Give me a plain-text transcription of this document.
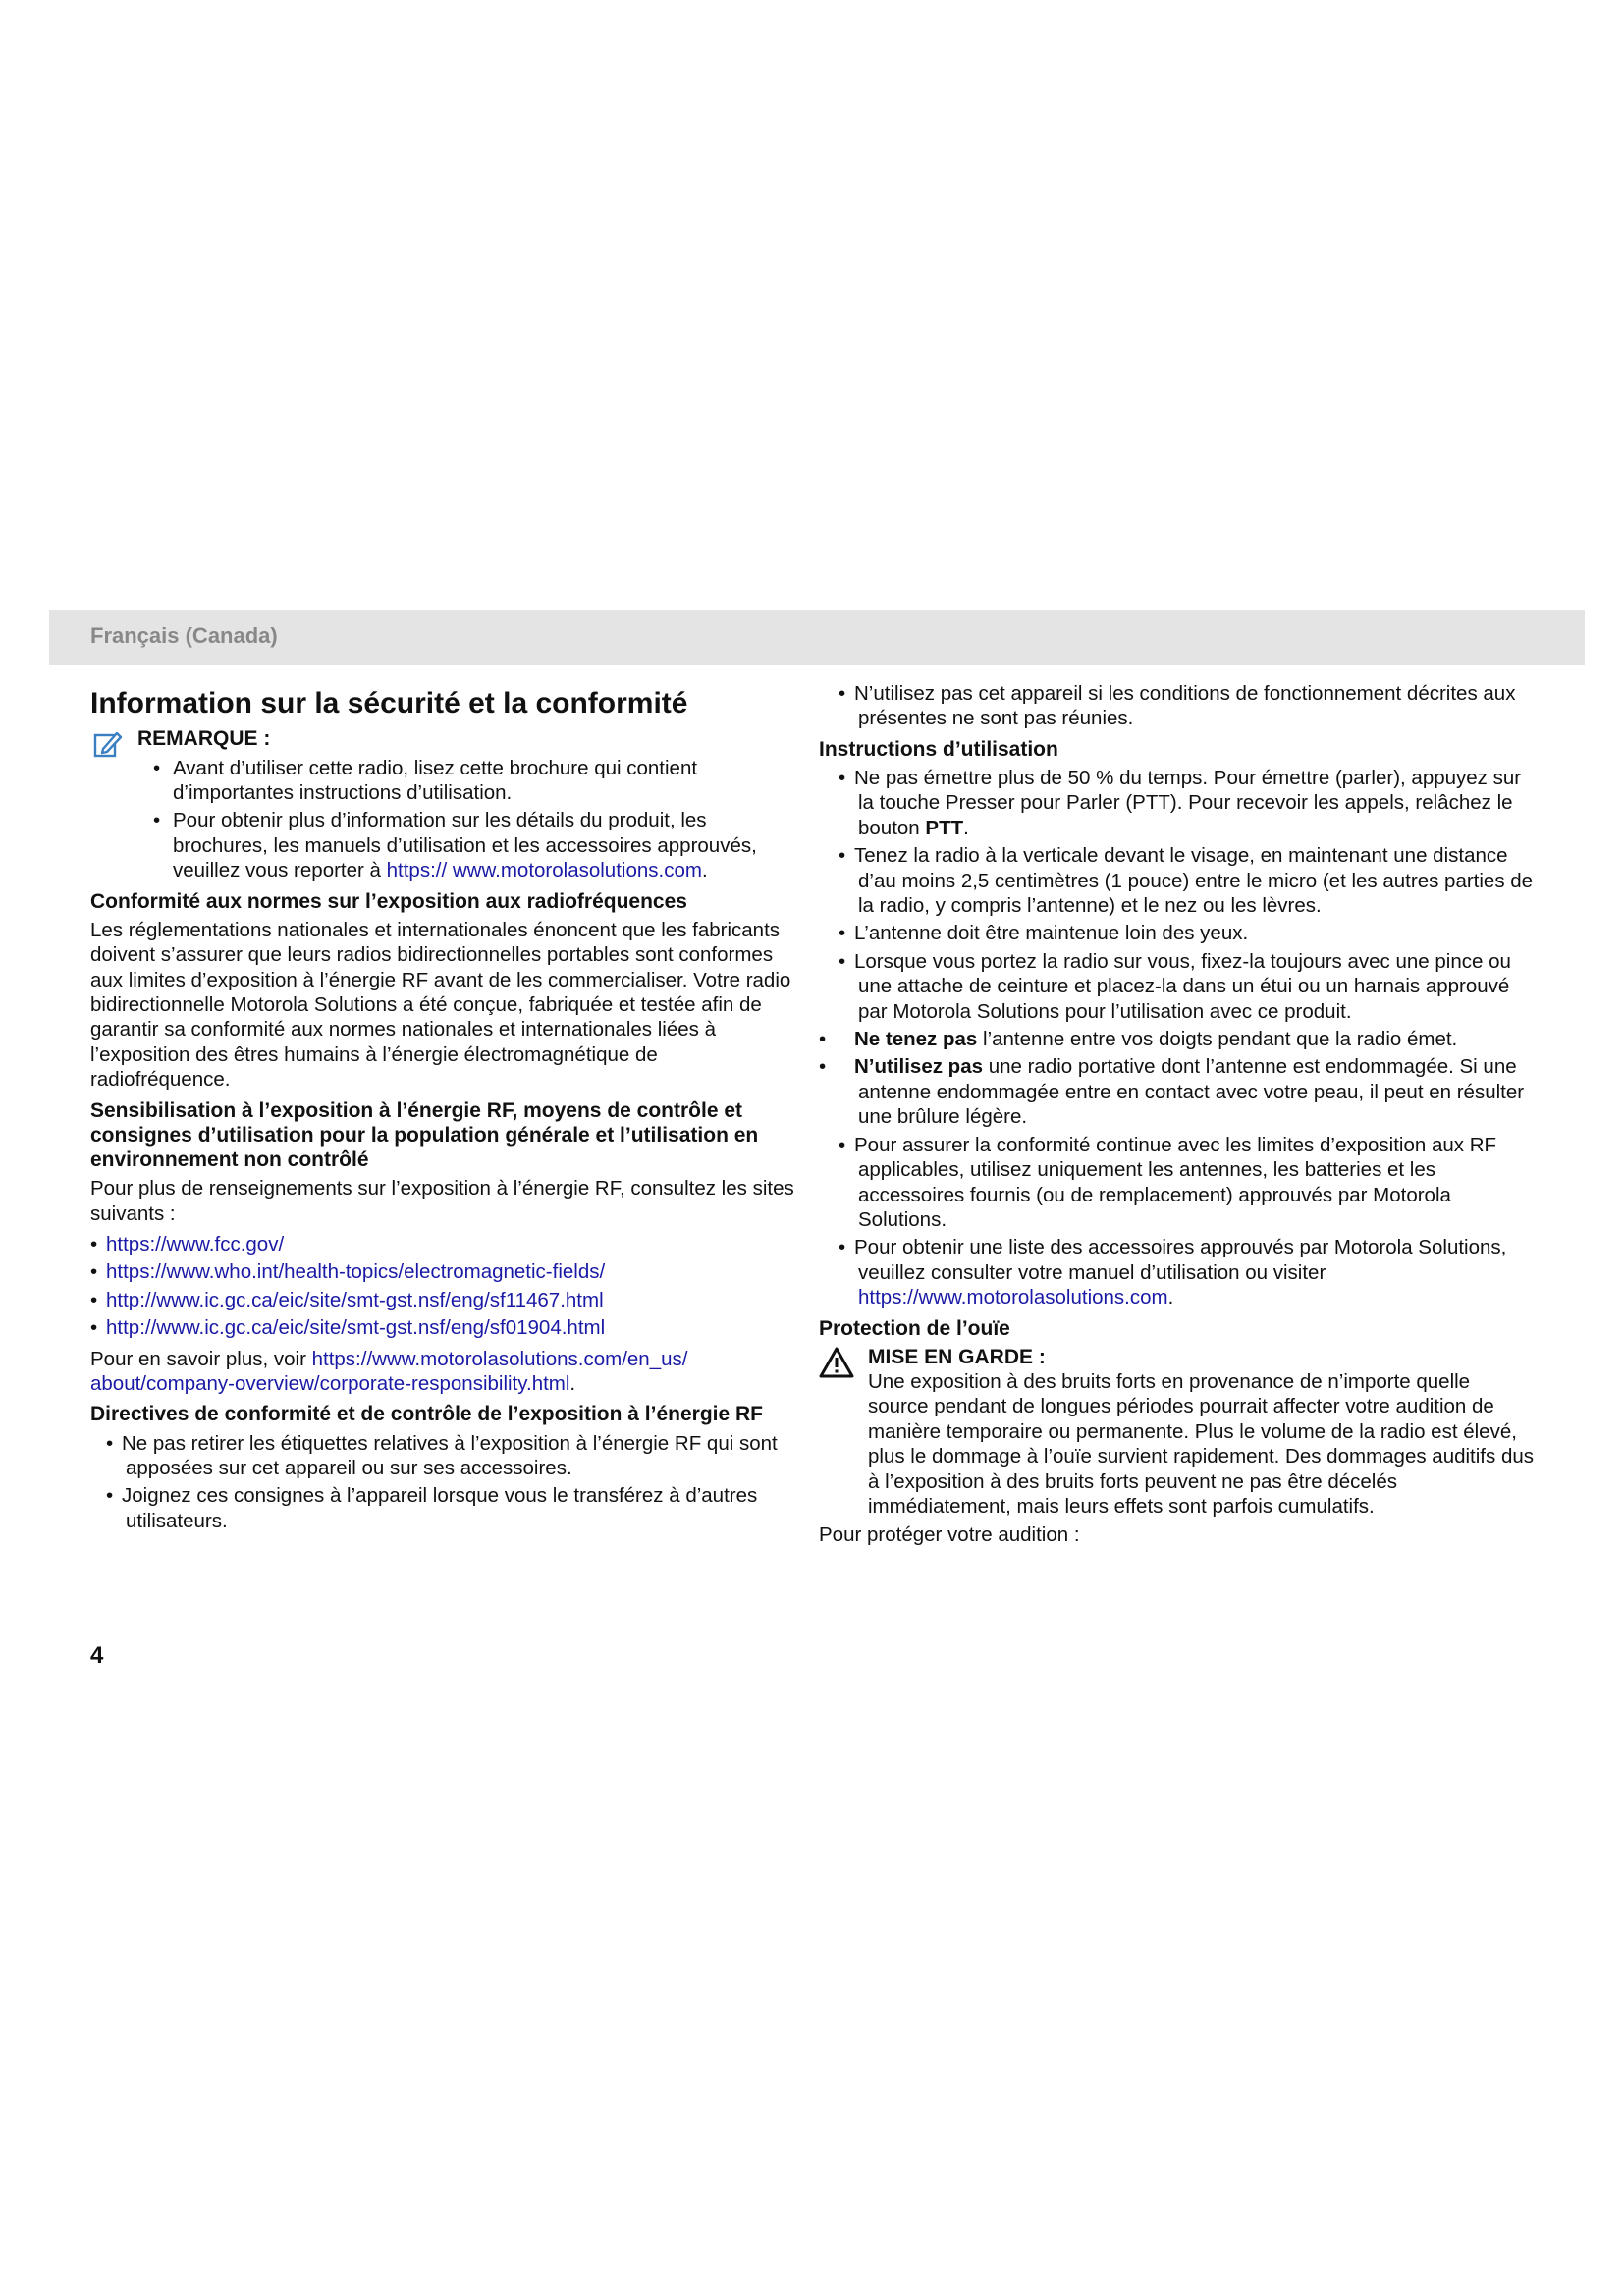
Français (Canada)
Information sur la sécurité et la conformité

REMARQUE :

• Avant d’utiliser cette radio, lisez cette brochure qui contient d’importantes instructions d’utilisation.
• Pour obtenir plus d’information sur les détails du produit, les brochures, les manuels d’utilisation et les accessoires approuvés, veuillez vous reporter à https:// www.motorolasolutions.com.
Conformité aux normes sur l’exposition aux radiofréquences

Les réglementations nationales et internationales énoncent que les fabricants doivent s’assurer que leurs radios bidirectionnelles portables sont conformes aux limites d’exposition à l’énergie RF avant de les commercialiser. Votre radio bidirectionnelle Motorola Solutions a été conçue, fabriquée et testée afin de garantir sa conformité aux normes nationales et internationales liées à l’exposition des êtres humains à l’énergie électromagnétique de radiofréquence.

Sensibilisation à l’exposition à l’énergie RF, moyens de contrôle et consignes d’utilisation pour la population générale et l’utilisation en environnement non contrôlé

Pour plus de renseignements sur l’exposition à l’énergie RF, consultez les sites suivants :

• https://www.fcc.gov/
• https://www.who.int/health-topics/electromagnetic-fields/
• http://www.ic.gc.ca/eic/site/smt-gst.nsf/eng/sf11467.html
• http://www.ic.gc.ca/eic/site/smt-gst.nsf/eng/sf01904.html

Pour en savoir plus, voir https://www.motorolasolutions.com/en_us/ about/company-overview/corporate-responsibility.html.

Directives de conformité et de contrôle de l’exposition à l’énergie RF
• Ne pas retirer les étiquettes relatives à l’exposition à l’énergie RF qui sont apposées sur cet appareil ou sur ses accessoires.
• Joignez ces consignes à l’appareil lorsque vous le transférez à d’autres utilisateurs.
• N’utilisez pas cet appareil si les conditions de fonctionnement décrites aux présentes ne sont pas réunies.
Instructions d’utilisation
• Ne pas émettre plus de 50 % du temps. Pour émettre (parler), appuyez sur la touche Presser pour Parler (PTT). Pour recevoir les appels, relâchez le bouton PTT.
• Tenez la radio à la verticale devant le visage, en maintenant une distance d’au moins 2,5 centimètres (1 pouce) entre le micro (et les autres parties de la radio, y compris l’antenne) et le nez ou les lèvres.
• L’antenne doit être maintenue loin des yeux.
• Lorsque vous portez la radio sur vous, fixez-la toujours avec une pince ou une attache de ceinture et placez-la dans un étui ou un harnais approuvé par Motorola Solutions pour l’utilisation avec ce produit.
• Ne tenez pas l’antenne entre vos doigts pendant que la radio émet.
• N’utilisez pas une radio portative dont l’antenne est endommagée. Si une antenne endommagée entre en contact avec votre peau, il peut en résulter une brûlure légère.
• Pour assurer la conformité continue avec les limites d’exposition aux RF applicables, utilisez uniquement les antennes, les batteries et les accessoires fournis (ou de remplacement) approuvés par Motorola Solutions.
• Pour obtenir une liste des accessoires approuvés par Motorola Solutions, veuillez consulter votre manuel d’utilisation ou visiter https://www.motorolasolutions.com.
Protection de l’ouïe

MISE EN GARDE :

Une exposition à des bruits forts en provenance de n’importe quelle source pendant de longues périodes pourrait affecter votre audition de manière temporaire ou permanente. Plus le volume de la radio est élevé, plus le dommage à l’ouïe survient rapidement. Des dommages auditifs dus à l’exposition à des bruits forts peuvent ne pas être décelés immédiatement, mais leurs effets sont parfois cumulatifs.

Pour protéger votre audition :

4
